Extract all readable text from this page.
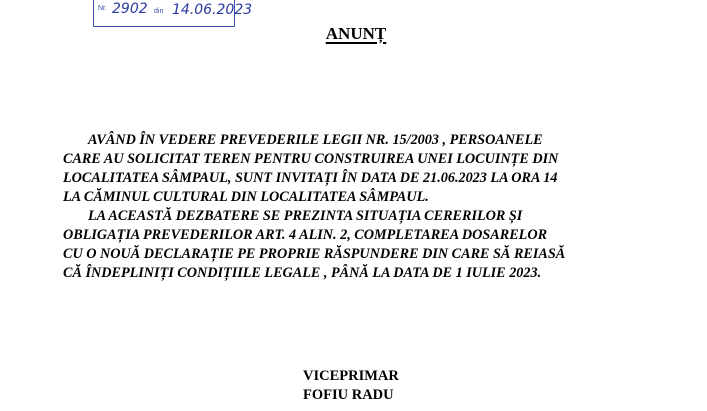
Nr. 2902 din 14.06.2023
ANUNȚ

AVÂND ÎN VEDERE PREVEDERILE LEGII NR. 15/2003 , PERSOANELE

CARE AU SOLICITAT TEREN PENTRU CONSTRUIREA UNEI LOCUINȚE DIN

LOCALITATEA SÂMPAUL, SUNT INVITAȚI ÎN DATA DE 21.06.2023 LA ORA 14

LA CĂMINUL CULTURAL DIN LOCALITATEA SÂMPAUL.

LA ACEASTĂ DEZBATERE SE PREZINTA SITUAȚIA CERERILOR ȘI

OBLIGAȚIA PREVEDERILOR ART. 4 ALIN. 2, COMPLETAREA DOSARELOR

CU O NOUĂ DECLARAȚIE PE PROPRIE RĂSPUNDERE DIN CARE SĂ REIASĂ

CĂ ÎNDEPLINIȚI CONDIȚIILE LEGALE , PÂNĂ LA DATA DE 1 IULIE 2023.

VICEPRIMAR
FOFIU RADU
